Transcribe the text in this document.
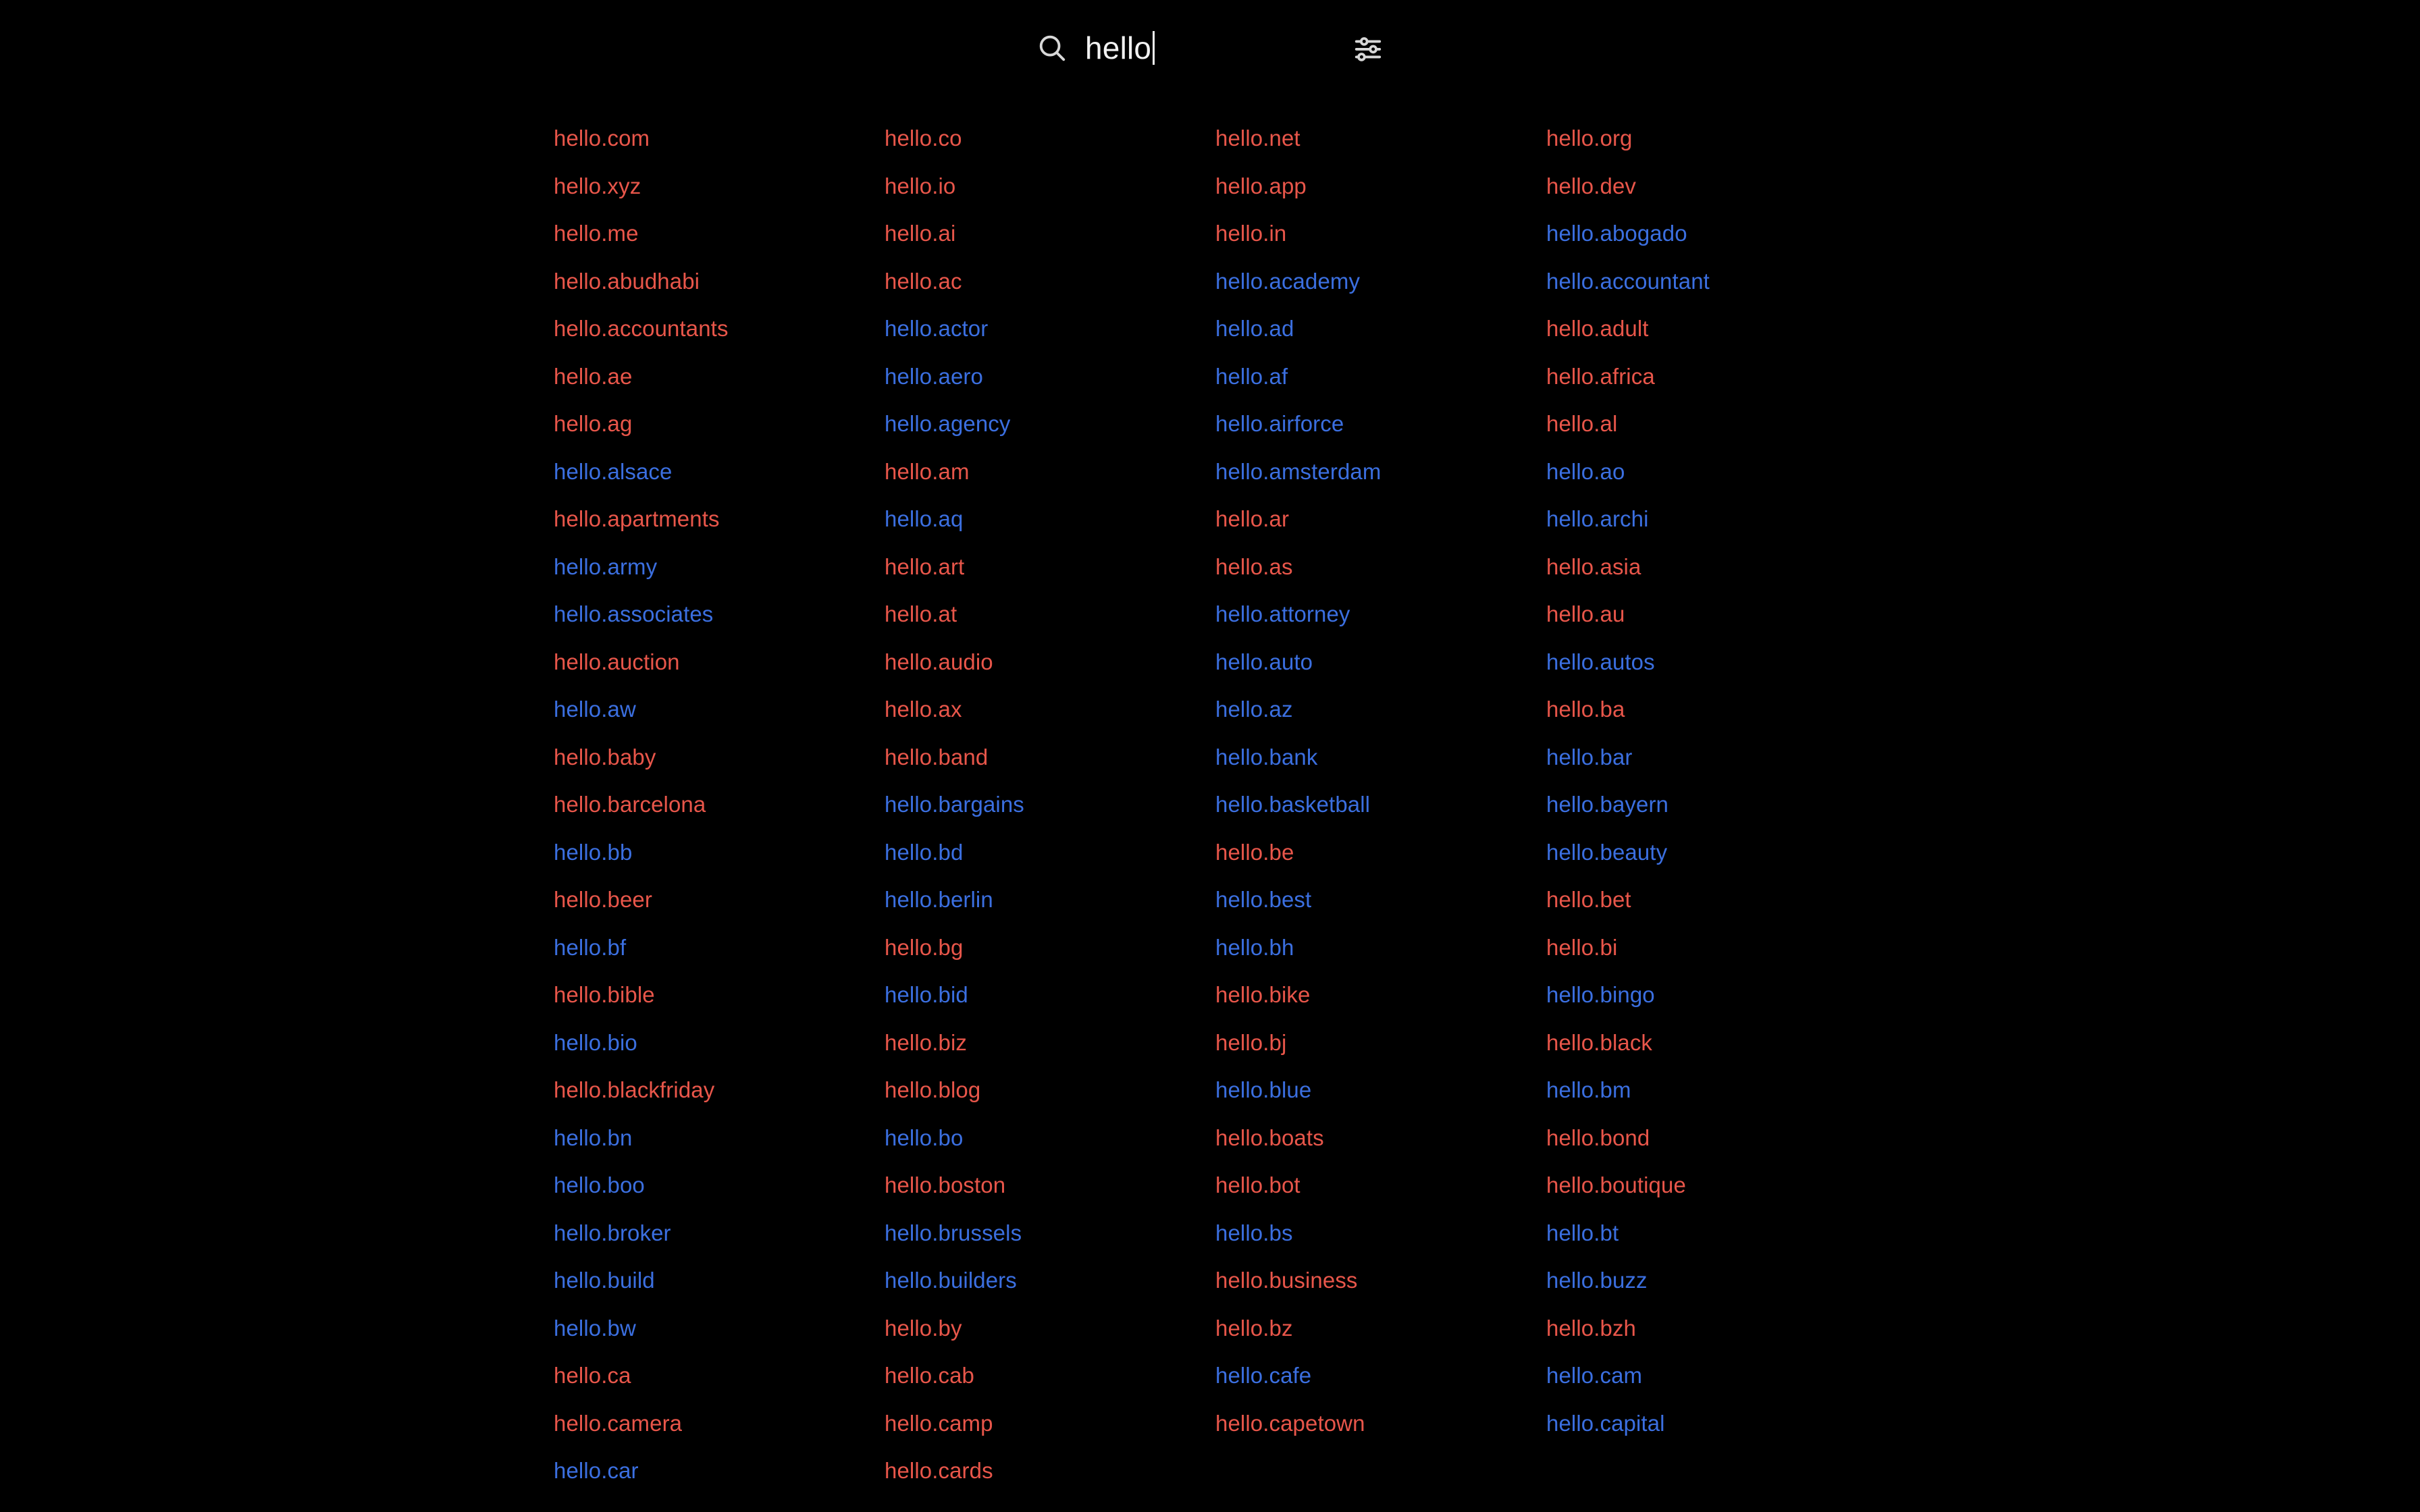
hello
hello.com	hello.co	hello.net	hello.org
hello.xyz	hello.io	hello.app	hello.dev
hello.me	hello.ai	hello.in	hello.abogado
hello.abudhabi	hello.ac	hello.academy	hello.accountant
hello.accountants	hello.actor	hello.ad	hello.adult
hello.ae	hello.aero	hello.af	hello.africa
hello.ag	hello.agency	hello.airforce	hello.al
hello.alsace	hello.am	hello.amsterdam	hello.ao
hello.apartments	hello.aq	hello.ar	hello.archi
hello.army	hello.art	hello.as	hello.asia
hello.associates	hello.at	hello.attorney	hello.au
hello.auction	hello.audio	hello.auto	hello.autos
hello.aw	hello.ax	hello.az	hello.ba
hello.baby	hello.band	hello.bank	hello.bar
hello.barcelona	hello.bargains	hello.basketball	hello.bayern
hello.bb	hello.bd	hello.be	hello.beauty
hello.beer	hello.berlin	hello.best	hello.bet
hello.bf	hello.bg	hello.bh	hello.bi
hello.bible	hello.bid	hello.bike	hello.bingo
hello.bio	hello.biz	hello.bj	hello.black
hello.blackfriday	hello.blog	hello.blue	hello.bm
hello.bn	hello.bo	hello.boats	hello.bond
hello.boo	hello.boston	hello.bot	hello.boutique
hello.broker	hello.brussels	hello.bs	hello.bt
hello.build	hello.builders	hello.business	hello.buzz
hello.bw	hello.by	hello.bz	hello.bzh
hello.ca	hello.cab	hello.cafe	hello.cam
hello.camera	hello.camp	hello.capetown	hello.capital
hello.car	hello.cards
